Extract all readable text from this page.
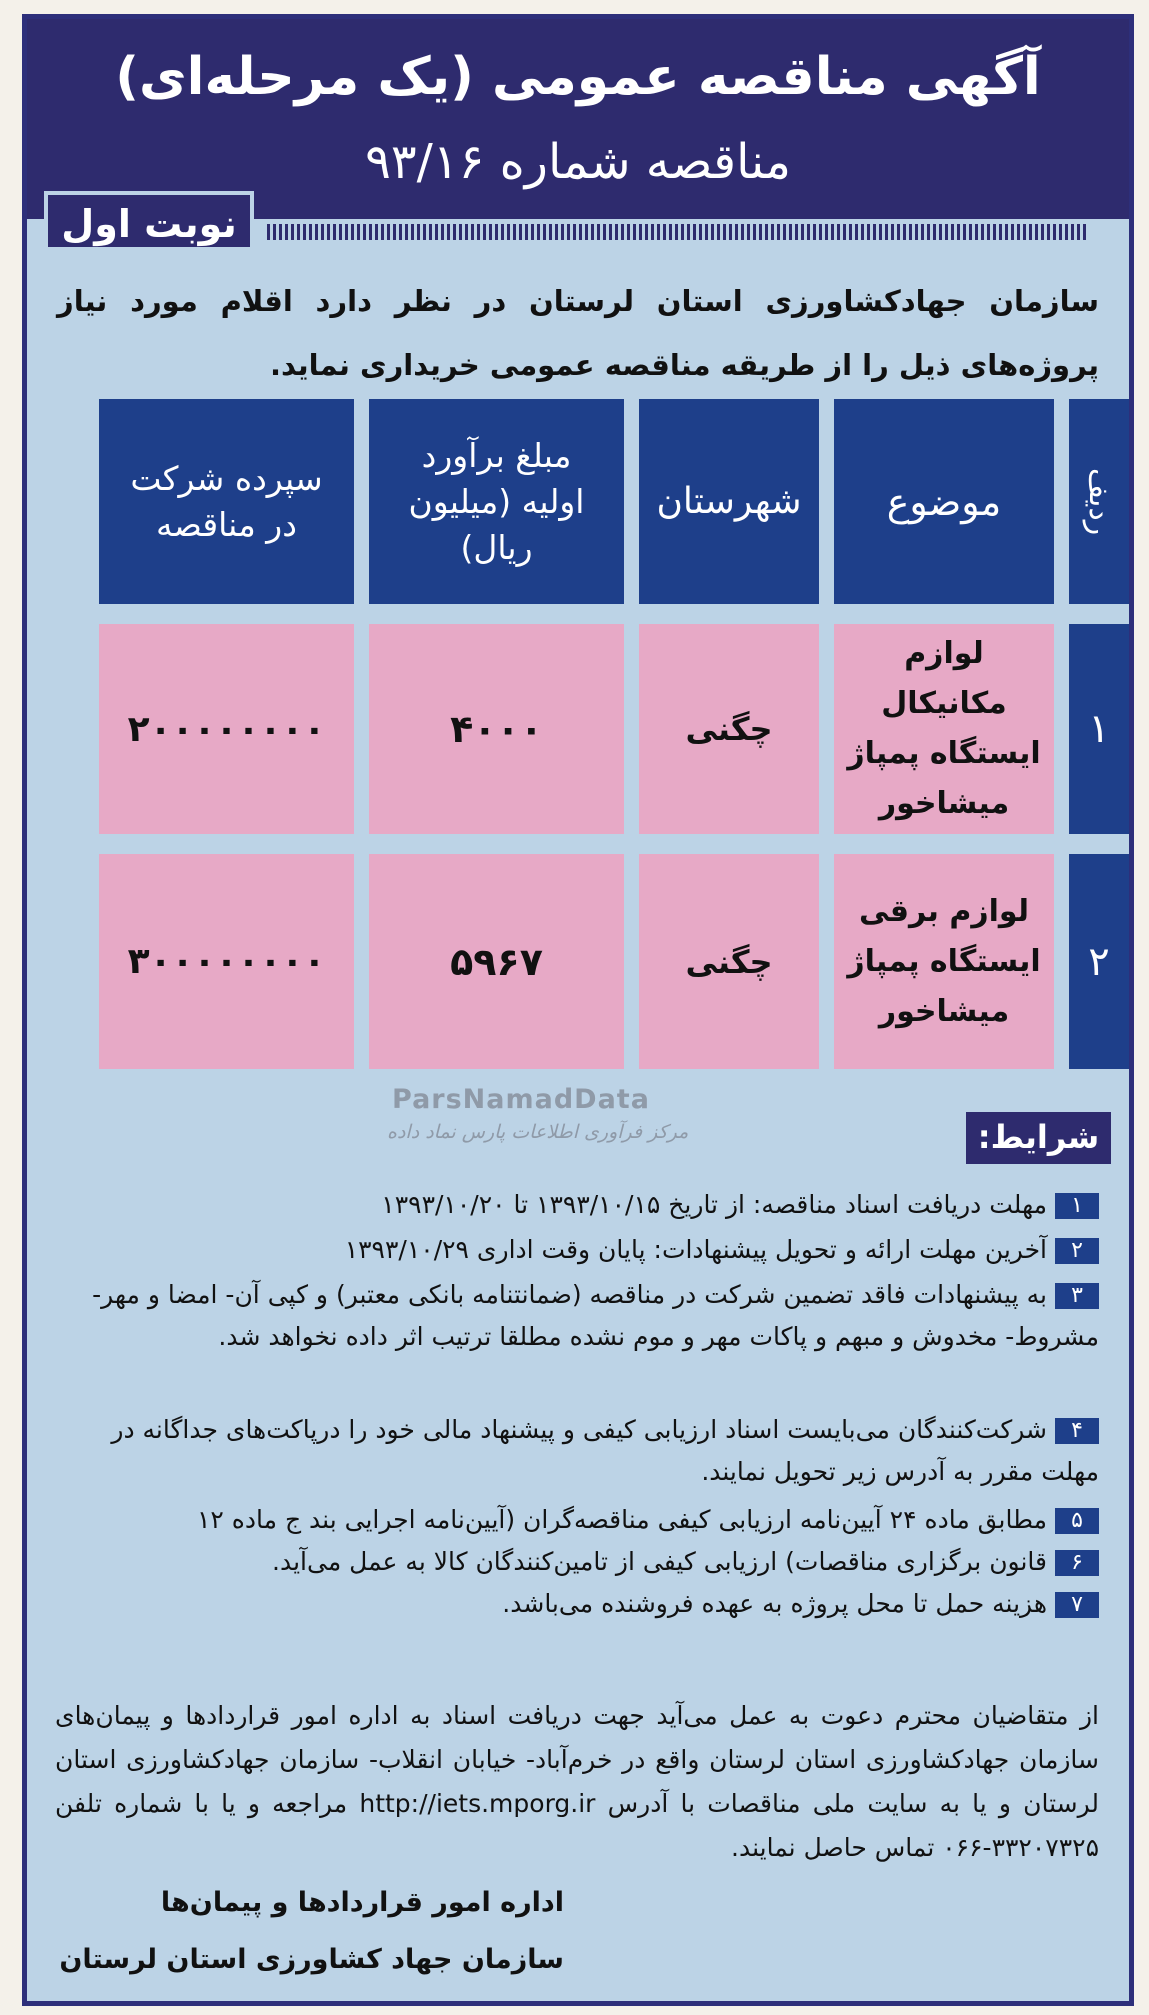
آگهی مناقصه عمومی (یک مرحله‌ای)
مناقصه شماره ۹۳/۱۶
نوبت اول
سازمان جهادکشاورزی استان لرستان در نظر دارد اقلام مورد نیاز پروژه‌های ذیل را از طریقه مناقصه عمومی خریداری نماید.
ردیف
موضوع
شهرستان
مبلغ برآورد اولیه (میلیون ریال)
سپرده شرکت در مناقصه
۱
لوازم مکانیکال ایستگاه پمپاژ میشاخور
چگنی
۴۰۰۰
۲۰۰۰۰۰۰۰۰
۲
لوازم برقی ایستگاه پمپاژ میشاخور
چگنی
۵۹۶۷
۳۰۰۰۰۰۰۰۰
ParsNamadData
مرکز فرآوری اطلاعات پارس نماد داده	شرایط:
۱مهلت دریافت اسناد مناقصه: از تاریخ ۱۳۹۳/۱۰/۱۵ تا ۱۳۹۳/۱۰/۲۰
۲آخرین مهلت ارائه و تحویل پیشنهادات: پایان وقت اداری ۱۳۹۳/۱۰/۲۹
۳به پیشنهادات فاقد تضمین شرکت در مناقصه (ضمانتنامه بانکی معتبر) و کپی آن- امضا و مهر-مشروط- مخدوش و مبهم و پاکات مهر و موم نشده مطلقا ترتیب اثر داده نخواهد شد.
۴شرکت‌کنندگان می‌بایست اسناد ارزیابی کیفی و پیشنهاد مالی خود را درپاکت‌های جداگانه در مهلت مقرر به آدرس زیر تحویل نمایند.
۵مطابق ماده ۲۴ آیین‌نامه ارزیابی کیفی مناقصه‌گران (آیین‌نامه اجرایی بند ج ماده ۱۲
۶قانون برگزاری مناقصات) ارزیابی کیفی از تامین‌کنندگان کالا به عمل می‌آید.
۷هزینه حمل تا محل پروژه به عهده فروشنده می‌باشد.
از متقاضیان محترم دعوت به عمل می‌آید جهت دریافت اسناد به اداره امور قراردادها و پیمان‌های سازمان جهادکشاورزی استان لرستان واقع در خرم‌آباد- خیابان انقلاب- سازمان جهادکشاورزی استان لرستان و یا به سایت ملی مناقصات با آدرس http://iets.mporg.ir مراجعه و یا با شماره تلفن ۳۳۲۰۷۳۲۵-۰۶۶ تماس حاصل نمایند.
اداره امور قراردادها و پیمان‌ها
سازمان جهاد کشاورزی استان لرستان
